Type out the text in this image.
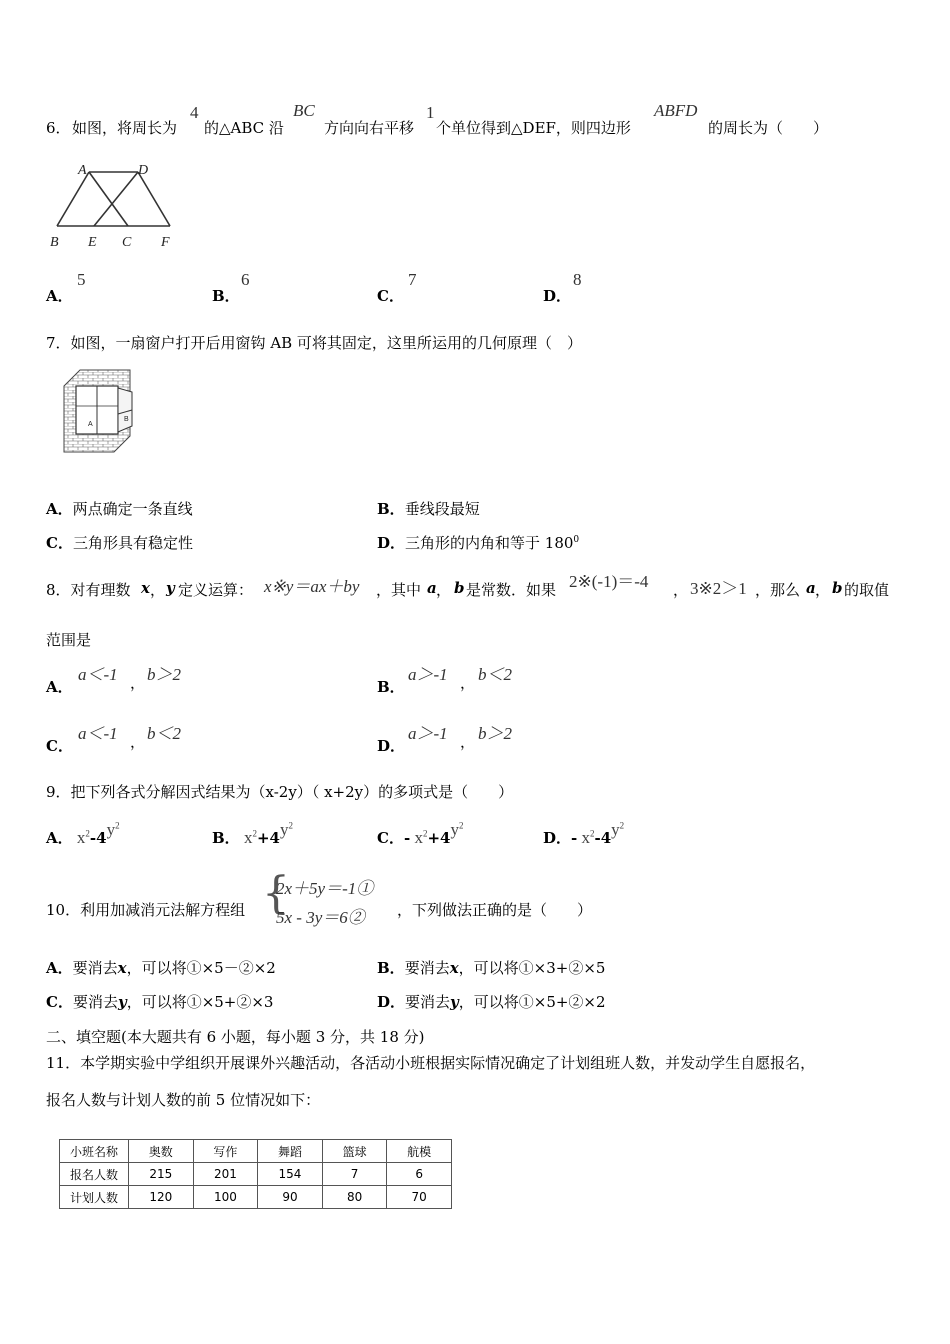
6． 如图，将周长为
4
的△ABC 沿
BC
方向向右平移
1
个单位得到△DEF，则四边形
ABFD
的周长为（　　）
A	D
B E C F
A．
5
B．
6
C．
7
D．
8
7．如图，一扇窗户打开后用窗钩 AB 可将其固定，这里所运用的几何原理（　）
A
B
A．两点确定一条直线	B．垂线段最短
C．三角形具有稳定性	D．三角形的内角和等于 $180^0$
8．对有理数 x ， y 定义运算： x※y＝ax＋by ，其中 a ， b 是常数．如果 2※(-1)＝-4 ， 3※2＞1 ，那么 a ， b 的取值
范围是
A．
a＜-1 ， b＞2
B．
a＞-1 ， b＜2
C．
a＜-1 ， b＜2
D．
a＞-1 ， b＞2
9．把下列各式分解因式结果为（x-2y）（ x+2y）的多项式是（　　）
A． $x^2-4y^2$
B． $x^2+4y^2$
C．- $x^2+4y^2$
D．- $x^2-4y^2$
10．利用加减消元法解方程组 {
2x＋5y＝-1①
5x - 3y＝6② ，下列做法正确的是（　　）
A．要消去x，可以将①×5－②×2	B．要消去x，可以将①×3+②×5
C．要消去y，可以将①×5+②×3	D．要消去y，可以将①×5+②×2
二、填空题(本大题共有 6 小题，每小题 3 分，共 18 分)
11．本学期实验中学组织开展课外兴趣活动，各活动小班根据实际情况确定了计划组班人数，并发动学生自愿报名，
报名人数与计划人数的前 5 位情况如下：
小班名称	奥数	写作	舞蹈	篮球	航模
报名人数	215	201	154	7	6
计划人数	120	100	90	80	70
